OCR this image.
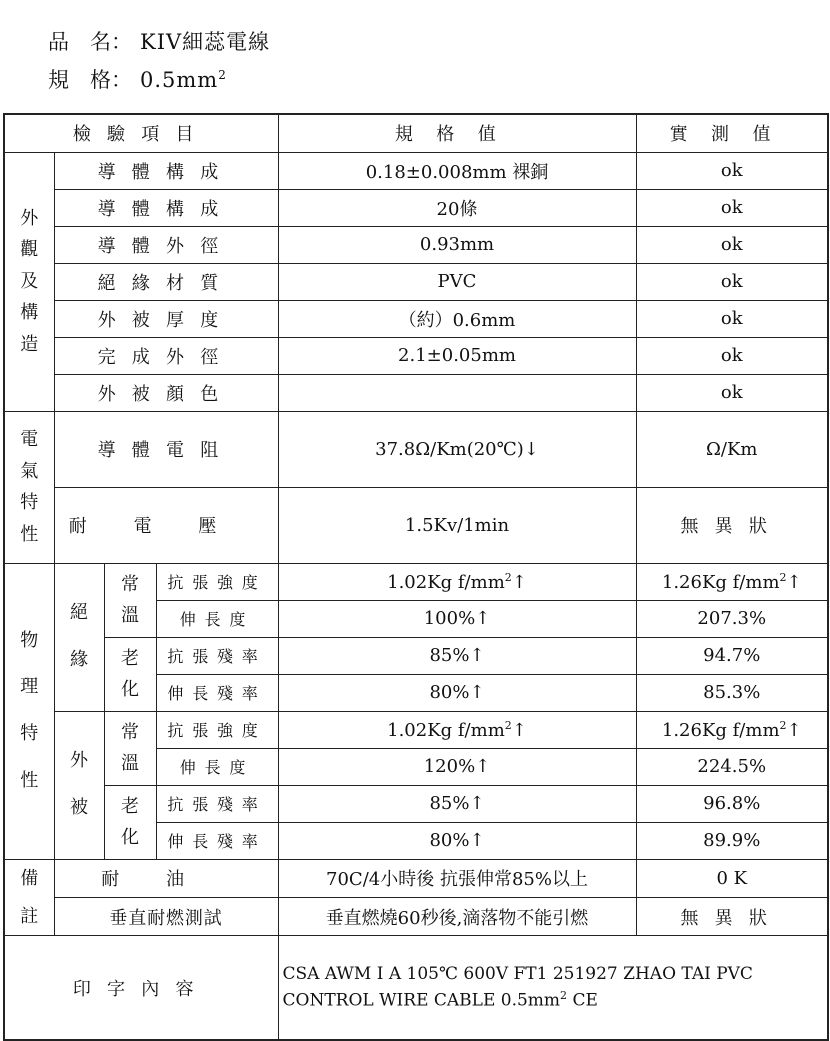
品　名： KIV細蕊電線
規　格： $0.5mm^2$
檢驗項目				規格值	實測值
外觀及構造	導體構成			0.18±0.008mm 裸銅	ok
	導體構成			20條	ok
	導體外徑			0.93mm	ok
	絕緣材質			PVC	ok
	外被厚度			（約）0.6mm	ok
	完成外徑			2.1±0.05mm	ok
	外被顏色				ok
電氣特性	導體電阻			37.8Ω/Km(20℃)↓	Ω/Km
	耐電壓			1.5Kv/1min	無異狀
物理特性	絕緣	常溫	抗張強度	1.02Kg $f/mm^2↑$	1.26Kg $f/mm^2↑$
			伸長度	100%↑	207.3%
		老化	抗張殘率	85%↑	94.7%
			伸長殘率	80%↑	85.3%
	外被	常溫	抗張強度	1.02Kg $f/mm^2↑$	1.26Kg $f/mm^2↑$
			伸長度	120%↑	224.5%
		老化	抗張殘率	85%↑	96.8%
			伸長殘率	80%↑	89.9%
備註	耐油			70C/4小時後 抗張伸常85%以上	0 K
	垂直耐燃測試			垂直燃燒60秒後,滴落物不能引燃	無異狀
印字內容				CSA AWM I A 105℃ 600V FT1 251927 ZHAO TAI PVC
CONTROL WIRE CABLE $0.5mm^2$ CE	
